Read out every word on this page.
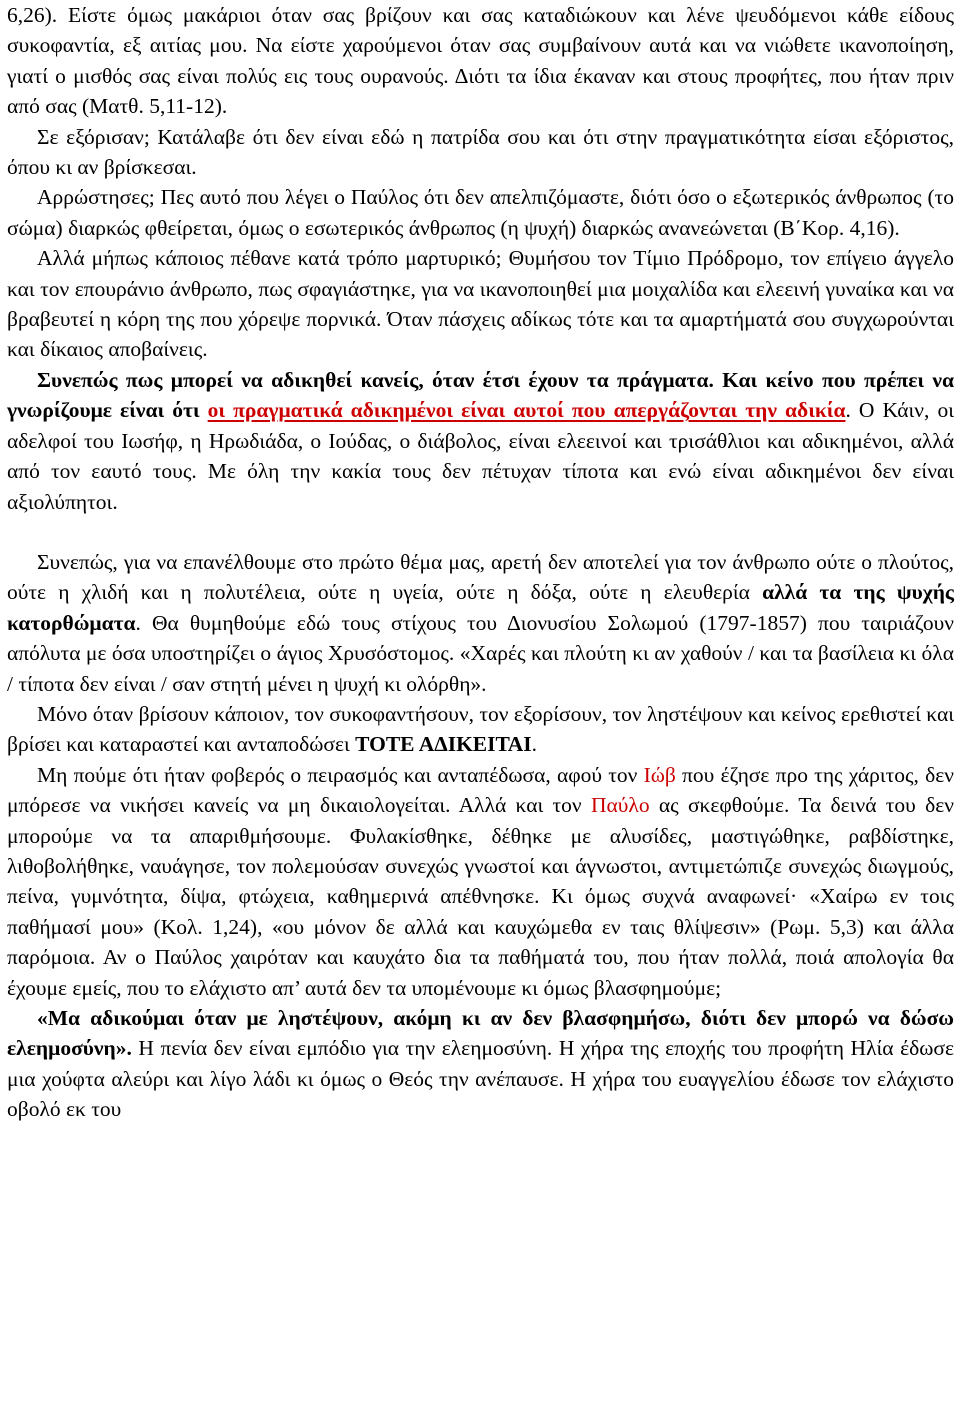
6,26). Είστε όμως μακάριοι όταν σας βρίζουν και σας καταδιώκουν και λένε ψευδόμενοι κάθε είδους συκοφαντία, εξ αιτίας μου. Να είστε χαρούμενοι όταν σας συμβαίνουν αυτά και να νιώθετε ικανοποίηση, γιατί ο μισθός σας είναι πολύς εις τους ουρανούς. Διότι τα ίδια έκαναν και στους προφήτες, που ήταν πριν από σας (Ματθ. 5,11-12).

Σε εξόρισαν; Κατάλαβε ότι δεν είναι εδώ η πατρίδα σου και ότι στην πραγματικότητα είσαι εξόριστος, όπου κι αν βρίσκεσαι.

Αρρώστησες; Πες αυτό που λέγει ο Παύλος ότι δεν απελπιζόμαστε, διότι όσο ο εξωτερικός άνθρωπος (το σώμα) διαρκώς φθείρεται, όμως ο εσωτερικός άνθρωπος (η ψυχή) διαρκώς ανανεώνεται (Β΄Κορ. 4,16).

Αλλά μήπως κάποιος πέθανε κατά τρόπο μαρτυρικό; Θυμήσου τον Τίμιο Πρόδρομο, τον επίγειο άγγελο και τον επουράνιο άνθρωπο, πως σφαγιάστηκε, για να ικανοποιηθεί μια μοιχαλίδα και ελεεινή γυναίκα και να βραβευτεί η κόρη της που χόρεψε πορνικά. Όταν πάσχεις αδίκως τότε και τα αμαρτήματά σου συγχωρούνται και δίκαιος αποβαίνεις.

Συνεπώς πως μπορεί να αδικηθεί κανείς, όταν έτσι έχουν τα πράγματα. Και κείνο που πρέπει να γνωρίζουμε είναι ότι οι πραγματικά αδικημένοι είναι αυτοί που απεργάζονται την αδικία. Ο Κάιν, οι αδελφοί του Ιωσήφ, η Ηρωδιάδα, ο Ιούδας, ο διάβολος, είναι ελεεινοί και τρισάθλιοι και αδικημένοι, αλλά από τον εαυτό τους. Με όλη την κακία τους δεν πέτυχαν τίποτα και ενώ είναι αδικημένοι δεν είναι αξιολύπητοι.

Συνεπώς, για να επανέλθουμε στο πρώτο θέμα μας, αρετή δεν αποτελεί για τον άνθρωπο ούτε ο πλούτος, ούτε η χλιδή και η πολυτέλεια, ούτε η υγεία, ούτε η δόξα, ούτε η ελευθερία αλλά τα της ψυχής κατορθώματα. Θα θυμηθούμε εδώ τους στίχους του Διονυσίου Σολωμού (1797-1857) που ταιριάζουν απόλυτα με όσα υποστηρίζει ο άγιος Χρυσόστομος. «Χαρές και πλούτη κι αν χαθούν / και τα βασίλεια κι όλα / τίποτα δεν είναι / σαν στητή μένει η ψυχή κι ολόρθη».

Μόνο όταν βρίσουν κάποιον, τον συκοφαντήσουν, τον εξορίσουν, τον ληστέψουν και κείνος ερεθιστεί και βρίσει και καταραστεί και ανταποδώσει ΤΟΤΕ ΑΔΙΚΕΙΤΑΙ.

Μη πούμε ότι ήταν φοβερός ο πειρασμός και ανταπέδωσα, αφού τον Ιώβ που έζησε προ της χάριτος, δεν μπόρεσε να νικήσει κανείς να μη δικαιολογείται. Αλλά και τον Παύλο ας σκεφθούμε. Τα δεινά του δεν μπορούμε να τα απαριθμήσουμε. Φυλακίσθηκε, δέθηκε με αλυσίδες, μαστιγώθηκε, ραβδίστηκε, λιθοβολήθηκε, ναυάγησε, τον πολεμούσαν συνεχώς γνωστοί και άγνωστοι, αντιμετώπιζε συνεχώς διωγμούς, πείνα, γυμνότητα, δίψα, φτώχεια, καθημερινά απέθνησκε. Κι όμως συχνά αναφωνεί· «Χαίρω εν τοις παθήμασί μου» (Κολ. 1,24), «ου μόνον δε αλλά και καυχώμεθα εν ταις θλίψεσιν» (Ρωμ. 5,3) και άλλα παρόμοια. Αν ο Παύλος χαιρόταν και καυχάτο δια τα παθήματά του, που ήταν πολλά, ποιά απολογία θα έχουμε εμείς, που το ελάχιστο απ’ αυτά δεν τα υπομένουμε κι όμως βλασφημούμε;

«Μα αδικούμαι όταν με ληστέψουν, ακόμη κι αν δεν βλασφημήσω, διότι δεν μπορώ να δώσω ελεημοσύνη». Η πενία δεν είναι εμπόδιο για την ελεημοσύνη. Η χήρα της εποχής του προφήτη Ηλία έδωσε μια χούφτα αλεύρι και λίγο λάδι κι όμως ο Θεός την ανέπαυσε. Η χήρα του ευαγγελίου έδωσε τον ελάχιστο οβολό εκ του
